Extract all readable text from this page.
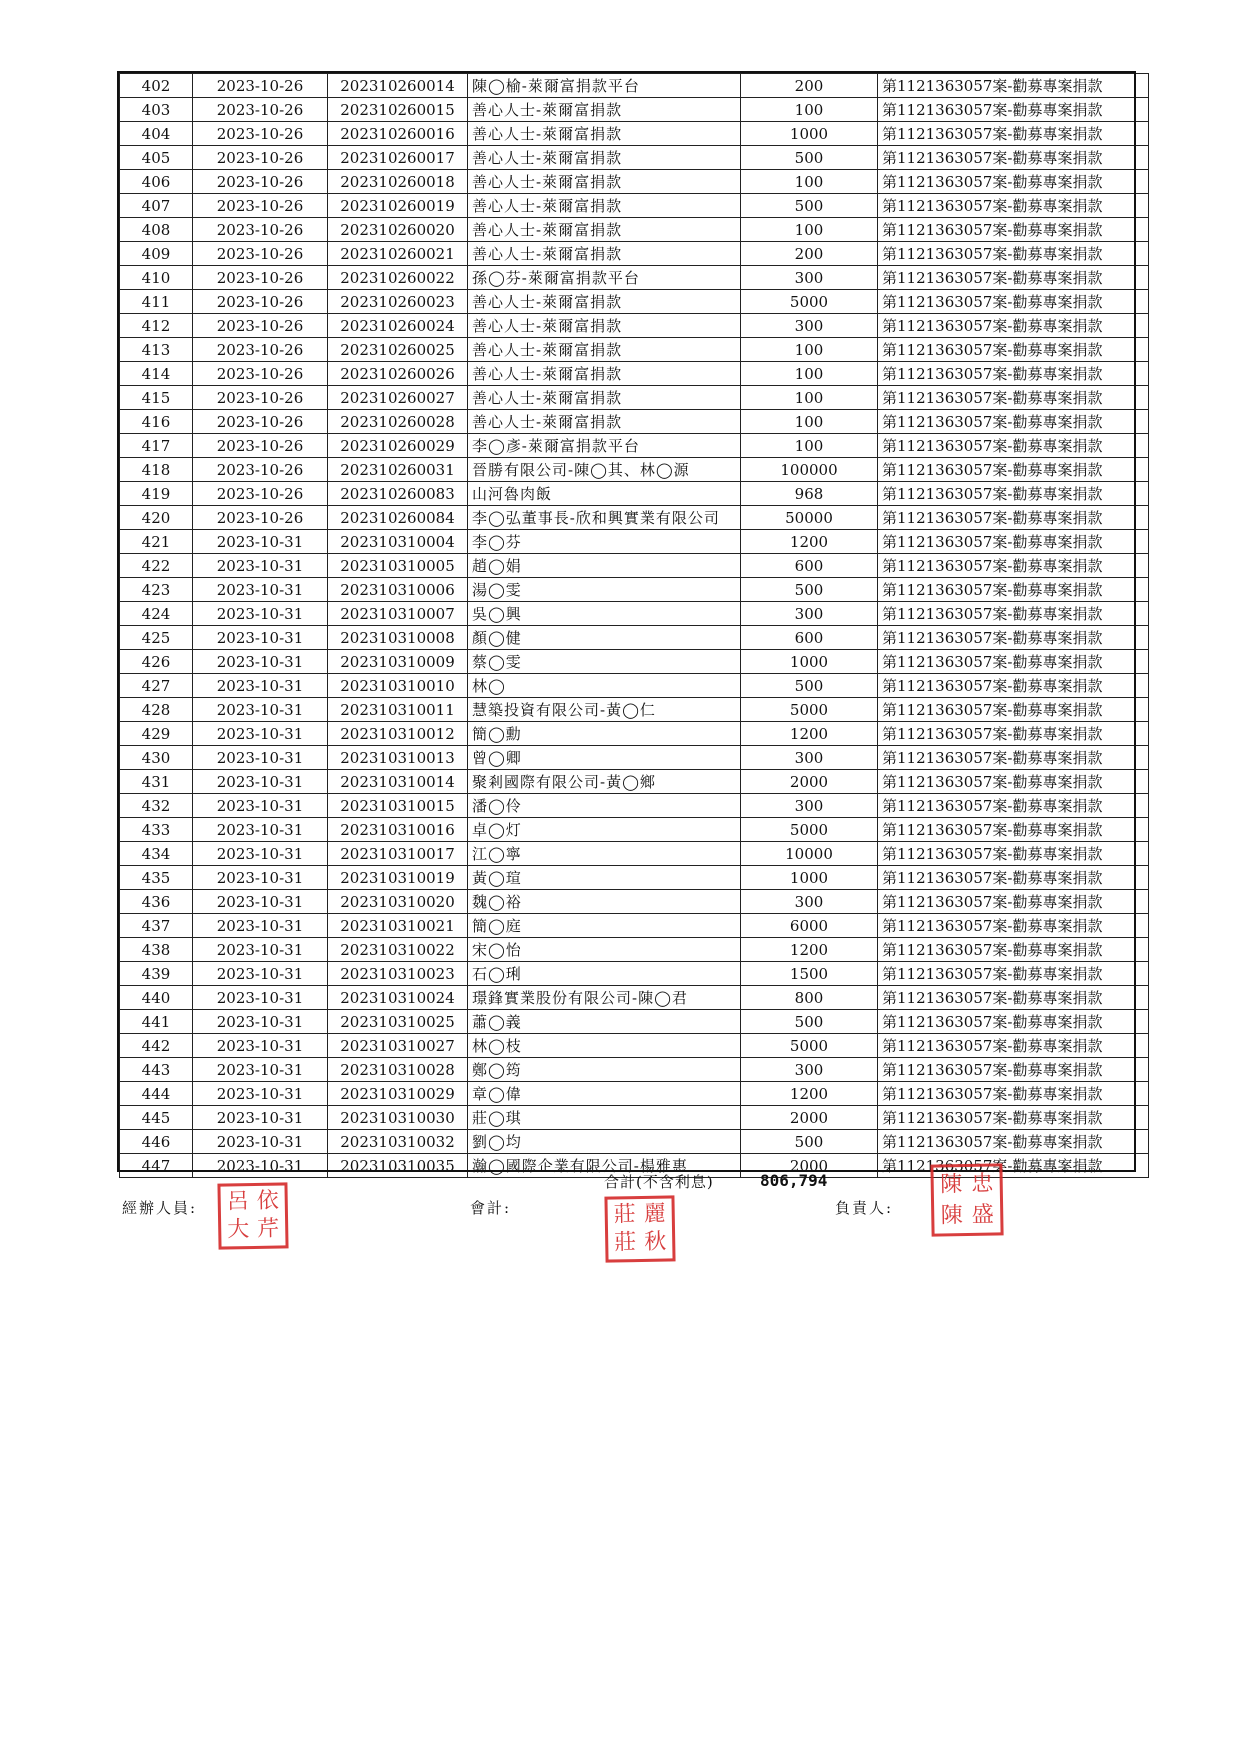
402	2023-10-26	202310260014	陳◯榆-萊爾富捐款平台	200	第1121363057案-勸募專案捐款
403	2023-10-26	202310260015	善心人士-萊爾富捐款	100	第1121363057案-勸募專案捐款
404	2023-10-26	202310260016	善心人士-萊爾富捐款	1000	第1121363057案-勸募專案捐款
405	2023-10-26	202310260017	善心人士-萊爾富捐款	500	第1121363057案-勸募專案捐款
406	2023-10-26	202310260018	善心人士-萊爾富捐款	100	第1121363057案-勸募專案捐款
407	2023-10-26	202310260019	善心人士-萊爾富捐款	500	第1121363057案-勸募專案捐款
408	2023-10-26	202310260020	善心人士-萊爾富捐款	100	第1121363057案-勸募專案捐款
409	2023-10-26	202310260021	善心人士-萊爾富捐款	200	第1121363057案-勸募專案捐款
410	2023-10-26	202310260022	孫◯芬-萊爾富捐款平台	300	第1121363057案-勸募專案捐款
411	2023-10-26	202310260023	善心人士-萊爾富捐款	5000	第1121363057案-勸募專案捐款
412	2023-10-26	202310260024	善心人士-萊爾富捐款	300	第1121363057案-勸募專案捐款
413	2023-10-26	202310260025	善心人士-萊爾富捐款	100	第1121363057案-勸募專案捐款
414	2023-10-26	202310260026	善心人士-萊爾富捐款	100	第1121363057案-勸募專案捐款
415	2023-10-26	202310260027	善心人士-萊爾富捐款	100	第1121363057案-勸募專案捐款
416	2023-10-26	202310260028	善心人士-萊爾富捐款	100	第1121363057案-勸募專案捐款
417	2023-10-26	202310260029	李◯彥-萊爾富捐款平台	100	第1121363057案-勸募專案捐款
418	2023-10-26	202310260031	晉勝有限公司-陳◯其、林◯源	100000	第1121363057案-勸募專案捐款
419	2023-10-26	202310260083	山河魯肉飯	968	第1121363057案-勸募專案捐款
420	2023-10-26	202310260084	李◯弘董事長-欣和興實業有限公司	50000	第1121363057案-勸募專案捐款
421	2023-10-31	202310310004	李◯芬	1200	第1121363057案-勸募專案捐款
422	2023-10-31	202310310005	趙◯娟	600	第1121363057案-勸募專案捐款
423	2023-10-31	202310310006	湯◯雯	500	第1121363057案-勸募專案捐款
424	2023-10-31	202310310007	吳◯興	300	第1121363057案-勸募專案捐款
425	2023-10-31	202310310008	顏◯健	600	第1121363057案-勸募專案捐款
426	2023-10-31	202310310009	蔡◯雯	1000	第1121363057案-勸募專案捐款
427	2023-10-31	202310310010	林◯	500	第1121363057案-勸募專案捐款
428	2023-10-31	202310310011	慧築投資有限公司-黃◯仁	5000	第1121363057案-勸募專案捐款
429	2023-10-31	202310310012	簡◯勳	1200	第1121363057案-勸募專案捐款
430	2023-10-31	202310310013	曾◯卿	300	第1121363057案-勸募專案捐款
431	2023-10-31	202310310014	聚剎國際有限公司-黃◯鄉	2000	第1121363057案-勸募專案捐款
432	2023-10-31	202310310015	潘◯伶	300	第1121363057案-勸募專案捐款
433	2023-10-31	202310310016	卓◯灯	5000	第1121363057案-勸募專案捐款
434	2023-10-31	202310310017	江◯寧	10000	第1121363057案-勸募專案捐款
435	2023-10-31	202310310019	黃◯瑄	1000	第1121363057案-勸募專案捐款
436	2023-10-31	202310310020	魏◯裕	300	第1121363057案-勸募專案捐款
437	2023-10-31	202310310021	簡◯庭	6000	第1121363057案-勸募專案捐款
438	2023-10-31	202310310022	宋◯怡	1200	第1121363057案-勸募專案捐款
439	2023-10-31	202310310023	石◯琍	1500	第1121363057案-勸募專案捐款
440	2023-10-31	202310310024	璟鋒實業股份有限公司-陳◯君	800	第1121363057案-勸募專案捐款
441	2023-10-31	202310310025	蕭◯義	500	第1121363057案-勸募專案捐款
442	2023-10-31	202310310027	林◯枝	5000	第1121363057案-勸募專案捐款
443	2023-10-31	202310310028	鄭◯筠	300	第1121363057案-勸募專案捐款
444	2023-10-31	202310310029	章◯偉	1200	第1121363057案-勸募專案捐款
445	2023-10-31	202310310030	莊◯琪	2000	第1121363057案-勸募專案捐款
446	2023-10-31	202310310032	劉◯均	500	第1121363057案-勸募專案捐款
447	2023-10-31	202310310035	瀚◯國際企業有限公司-楊雅惠	2000	第1121363057案-勸募專案捐款
合計(不含利息)	806,794
經辦人員:	會計:	負責人:
呂 依
大 芹
莊 麗
莊 秋
陳 忠
陳 盛
